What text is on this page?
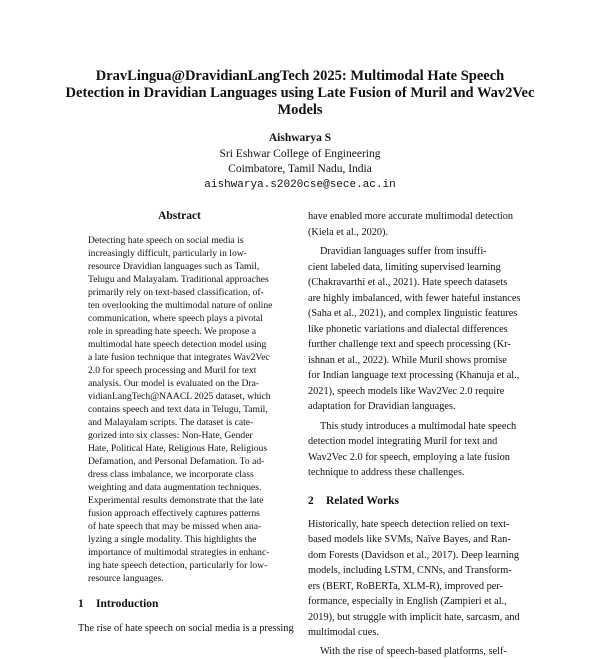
DravLingua@DravidianLangTech 2025: Multimodal Hate Speech
Detection in Dravidian Languages using Late Fusion of Muril and Wav2Vec
Models
Aishwarya S
Sri Eshwar College of Engineering
Coimbatore, Tamil Nadu, India
aishwarya.s2020cse@sece.ac.in
Abstract
Detecting hate speech on social media is
increasingly difficult, particularly in low-
resource Dravidian languages such as Tamil,
Telugu and Malayalam. Traditional approaches
primarily rely on text-based classification, of-
ten overlooking the multimodal nature of online
communication, where speech plays a pivotal
role in spreading hate speech. We propose a
multimodal hate speech detection model using
a late fusion technique that integrates Wav2Vec
2.0 for speech processing and Muril for text
analysis. Our model is evaluated on the Dra-
vidianLangTech@NAACL 2025 dataset, which
contains speech and text data in Telugu, Tamil,
and Malayalam scripts. The dataset is cate-
gorized into six classes: Non-Hate, Gender
Hate, Political Hate, Religious Hate, Religious
Defamation, and Personal Defamation. To ad-
dress class imbalance, we incorporate class
weighting and data augmentation techniques.
Experimental results demonstrate that the late
fusion approach effectively captures patterns
of hate speech that may be missed when ana-
lyzing a single modality. This highlights the
importance of multimodal strategies in enhanc-
ing hate speech detection, particularly for low-
resource languages.
1 Introduction
The rise of hate speech on social media is a pressing
have enabled more accurate multimodal detection
(Kiela et al., 2020).
Dravidian languages suffer from insuffi-
cient labeled data, limiting supervised learning
(Chakravarthi et al., 2021). Hate speech datasets
are highly imbalanced, with fewer hateful instances
(Saha et al., 2021), and complex linguistic features
like phonetic variations and dialectal differences
further challenge text and speech processing (Kr-
ishnan et al., 2022). While Muril shows promise
for Indian language text processing (Khanuja et al.,
2021), speech models like Wav2Vec 2.0 require
adaptation for Dravidian languages.
This study introduces a multimodal hate speech
detection model integrating Muril for text and
Wav2Vec 2.0 for speech, employing a late fusion
technique to address these challenges.
2 Related Works
Historically, hate speech detection relied on text-
based models like SVMs, Naïve Bayes, and Ran-
dom Forests (Davidson et al., 2017). Deep learning
models, including LSTM, CNNs, and Transform-
ers (BERT, RoBERTa, XLM-R), improved per-
formance, especially in English (Zampieri et al.,
2019), but struggle with implicit hate, sarcasm, and
multimodal cues.
With the rise of speech-based platforms, self-
